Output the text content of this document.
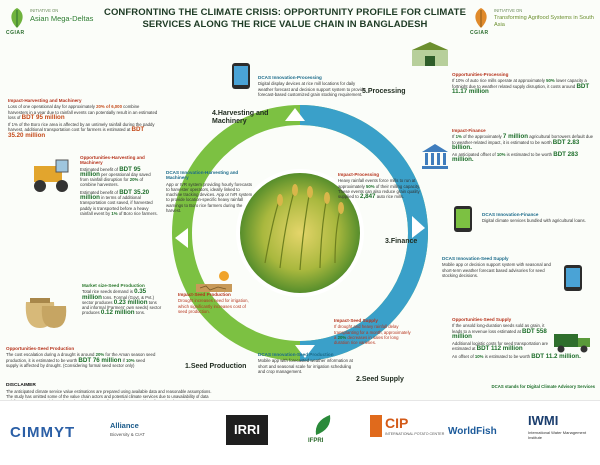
CGIAR
INITIATIVE ON
Asian Mega-Deltas
CONFRONTING THE CLIMATE CRISIS: OPPORTUNITY PROFILE FOR CLIMATE SERVICES ALONG THE RICE VALUE CHAIN IN BANGLADESH
CGIAR
INITIATIVE ON
Transforming Agrifood Systems in South Asia
4.Harvesting and Machinery
5.Processing
3.Finance
1.Seed Production
2.Seed Supply
Impact-Harvesting and Machinery
Loss of one operational day for approximately 20% of 6,000 combine harvesters in a year due to rainfall events can potentially result in an estimated loss of BDT 95 million
If 1% of the Boro rice area is affected by an untimely rainfall during the paddy harvest, additional transportation cost for farmers is estimated at BDT 35.20 million
DCAS Innovation-Processing
Digital display devices at rice mill locations for daily weather forecast and decision support system to provide forecast-based customized grain stocking requirement.
Opportunities-Processing
If 10% of auto rice mills operate at approximately 50% lower capacity a fortnight due to weather related supply disruption, it costs around BDT 11.17 million
Opportunities-Harvesting and Machinery
Estimated benefit of BDT 95 million per operational day saved from rainfall disruption for 20% of combine harvesters.
Estimated benefit of BDT 35.20 million in terms of additional transportation cost saved, if harvested paddy is transported before a heavy rainfall event by 1% of Boro rice farmers.
DCAS Innovation-Harvesting and Machinery
App or IVR system providing hourly forecasts to harvester operators, ideally linked to machine tracking devices. App or IVR system to provide location-specific heavy rainfall warnings to Boro rice farmers during the harvest.
Impact-Processing
Heavy rainfall events force mills to run at approximately 50% of their milling capacity. These events can also reduce grain quality supplied to 2,847 auto rice mills.
Impact-Finance
If 1% of the approximately 7 million agricultural borrowers default due to weather-related impact, it is estimated to be worth BDT 2.83 billion.
An anticipated offset of 10% is estimated to be worth BDT 283 million.
DCAS Innovation-Finance
Digital climate services bundled with agricultural loans.
Market size-Seed Production
Total rice seeds demand is 0.35 million tons. Formal (Govt. & Pvt.) sector produces 0.23 million tons and informal (Farmers' own seeds) sector produces 0.12 million tons.
Impact-Seed Production
Drought increases need for irrigation, which significantly increases cost of seed production.
Opportunities-Seed Production
The cost escalation during a drought is around 20% for the Aman season seed production, it is estimated to be worth BDT 76 million if 10% seed supply is affected by drought. (Considering formal seed sector only)
DCAS Innovation-Seed Production
Mobile app with forecasted weather information at short and seasonal scale for irrigation scheduling and crop management.
Impact-Seed Supply
If drought and heavy rainfall delay transplanting for a month, approximately a 20% decreases in sales for long duration rice varieties.
DCAS Innovation-Seed Supply
Mobile app or decision support system with seasonal and short-term weather forecast based advisories for seed stocking decisions.
Opportunities-Seed Supply
If the unsold long-duration seeds sold as grain, it leads to a revenue loss estimated at BDT 558 million
Additional logistic costs for seed transportation are estimated at BDT 112 million
An offset of 10% is estimated to be worth BDT 11.2 million.
DISCLAIMER
The anticipated climate service value estimations are prepared using available data and reasonable assumptions.
The study has omitted some of the value chain actors and potential climate services due to unavailability of data
DCAS stands for Digital Climate Advisory Services
CIMMYT	Alliance
Bioversity & CIAT	IRRI
IFPRI
CIP
INTERNATIONAL POTATO CENTER WorldFish
IWMI
International Water Management Institute
